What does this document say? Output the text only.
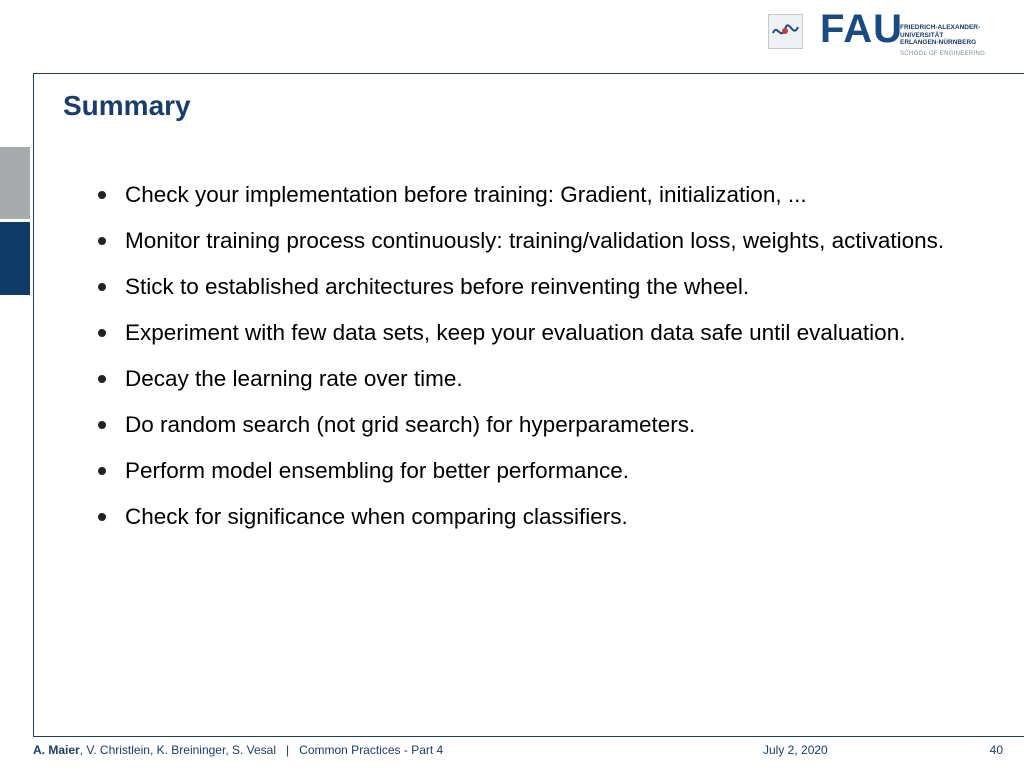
FAU
FRIEDRICH-ALEXANDER-
UNIVERSITÄT
ERLANGEN-NÜRNBERG
SCHOOL OF ENGINEERING
Summary
Check your implementation before training: Gradient, initialization, ...
Monitor training process continuously: training/validation loss, weights, activations.
Stick to established architectures before reinventing the wheel.
Experiment with few data sets, keep your evaluation data safe until evaluation.
Decay the learning rate over time.
Do random search (not grid search) for hyperparameters.
Perform model ensembling for better performance.
Check for significance when comparing classifiers.
A. Maier, V. Christlein, K. Breininger, S. Vesal | Common Practices - Part 4	July 2, 2020	40
